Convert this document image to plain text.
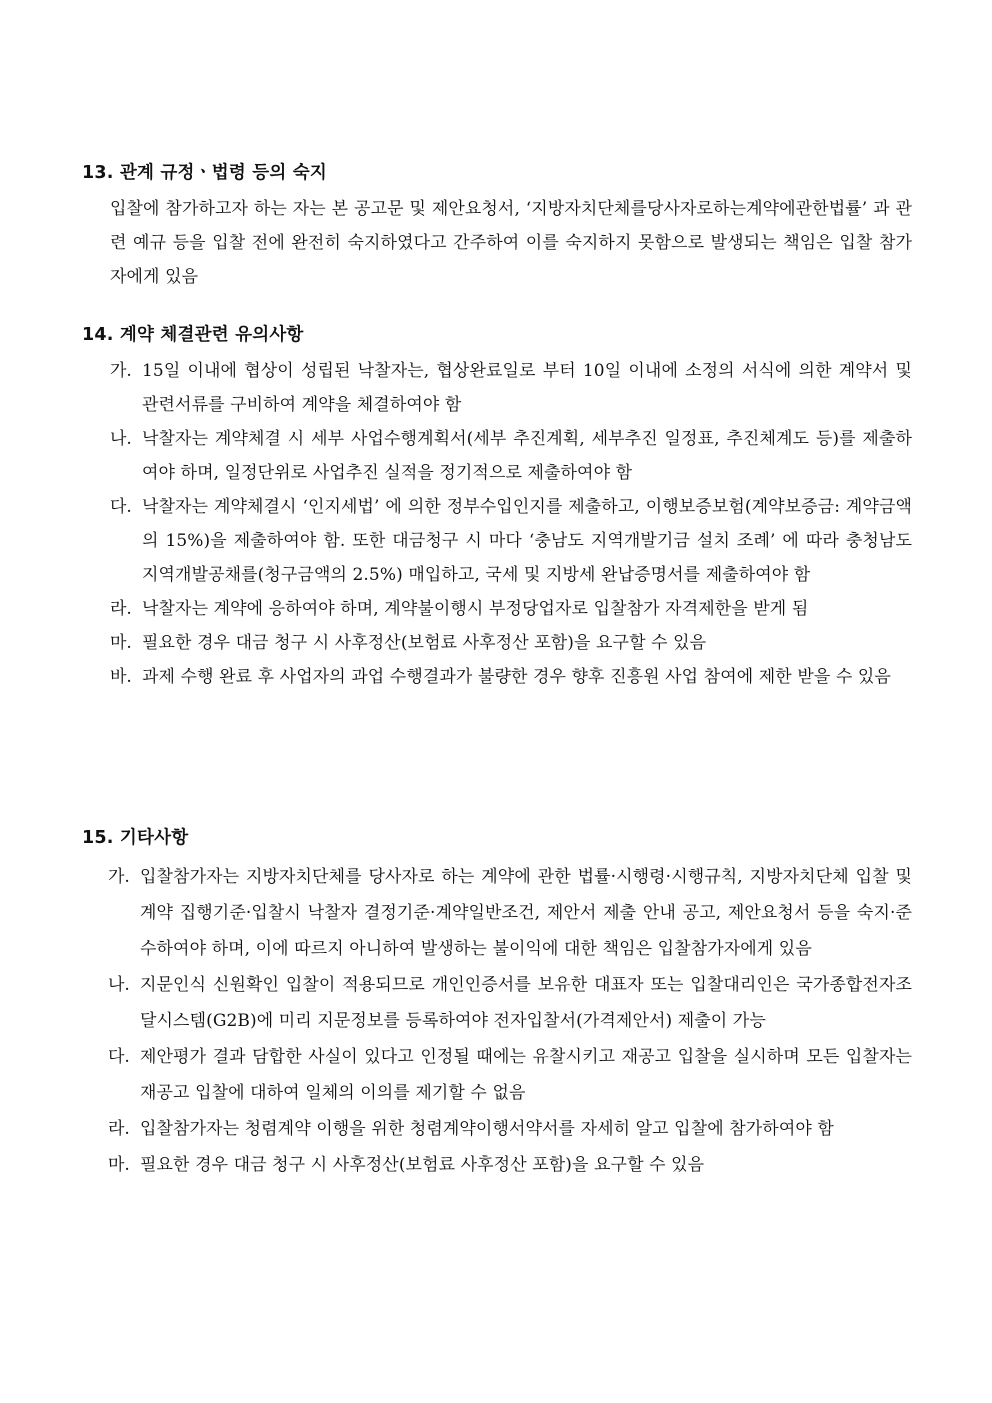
13. 관계 규정ㆍ법령 등의 숙지
입찰에 참가하고자 하는 자는 본 공고문 및 제안요청서, ‘지방자치단체를당사자로하는계약에관한법률’ 과 관련 예규 등을 입찰 전에 완전히 숙지하였다고 간주하여 이를 숙지하지 못함으로 발생되는 책임은 입찰 참가자에게 있음
14. 계약 체결관련 유의사항
가. 15일 이내에 협상이 성립된 낙찰자는, 협상완료일로 부터 10일 이내에 소정의 서식에 의한 계약서 및 관련서류를 구비하여 계약을 체결하여야 함
나. 낙찰자는 계약체결 시 세부 사업수행계획서(세부 추진계획, 세부추진 일정표, 추진체계도 등)를 제출하여야 하며, 일정단위로 사업추진 실적을 정기적으로 제출하여야 함
다. 낙찰자는 계약체결시 ‘인지세법’ 에 의한 정부수입인지를 제출하고, 이행보증보험(계약보증금: 계약금액의 15%)을 제출하여야 함. 또한 대금청구 시 마다 ‘충남도 지역개발기금 설치 조례’ 에 따라 충청남도 지역개발공채를(청구금액의 2.5%) 매입하고, 국세 및 지방세 완납증명서를 제출하여야 함
라. 낙찰자는 계약에 응하여야 하며, 계약불이행시 부정당업자로 입찰참가 자격제한을 받게 됨
마. 필요한 경우 대금 청구 시 사후정산(보험료 사후정산 포함)을 요구할 수 있음
바. 과제 수행 완료 후 사업자의 과업 수행결과가 불량한 경우 향후 진흥원 사업 참여에 제한 받을 수 있음
15. 기타사항
가. 입찰참가자는 지방자치단체를 당사자로 하는 계약에 관한 법률·시행령·시행규칙, 지방자치단체 입찰 및 계약 집행기준·입찰시 낙찰자 결정기준·계약일반조건, 제안서 제출 안내 공고, 제안요청서 등을 숙지·준수하여야 하며, 이에 따르지 아니하여 발생하는 불이익에 대한 책임은 입찰참가자에게 있음
나. 지문인식 신원확인 입찰이 적용되므로 개인인증서를 보유한 대표자 또는 입찰대리인은 국가종합전자조달시스템(G2B)에 미리 지문정보를 등록하여야 전자입찰서(가격제안서) 제출이 가능
다. 제안평가 결과 담합한 사실이 있다고 인정될 때에는 유찰시키고 재공고 입찰을 실시하며 모든 입찰자는 재공고 입찰에 대하여 일체의 이의를 제기할 수 없음
라. 입찰참가자는 청렴계약 이행을 위한 청렴계약이행서약서를 자세히 알고 입찰에 참가하여야 함
마. 필요한 경우 대금 청구 시 사후정산(보험료 사후정산 포함)을 요구할 수 있음
